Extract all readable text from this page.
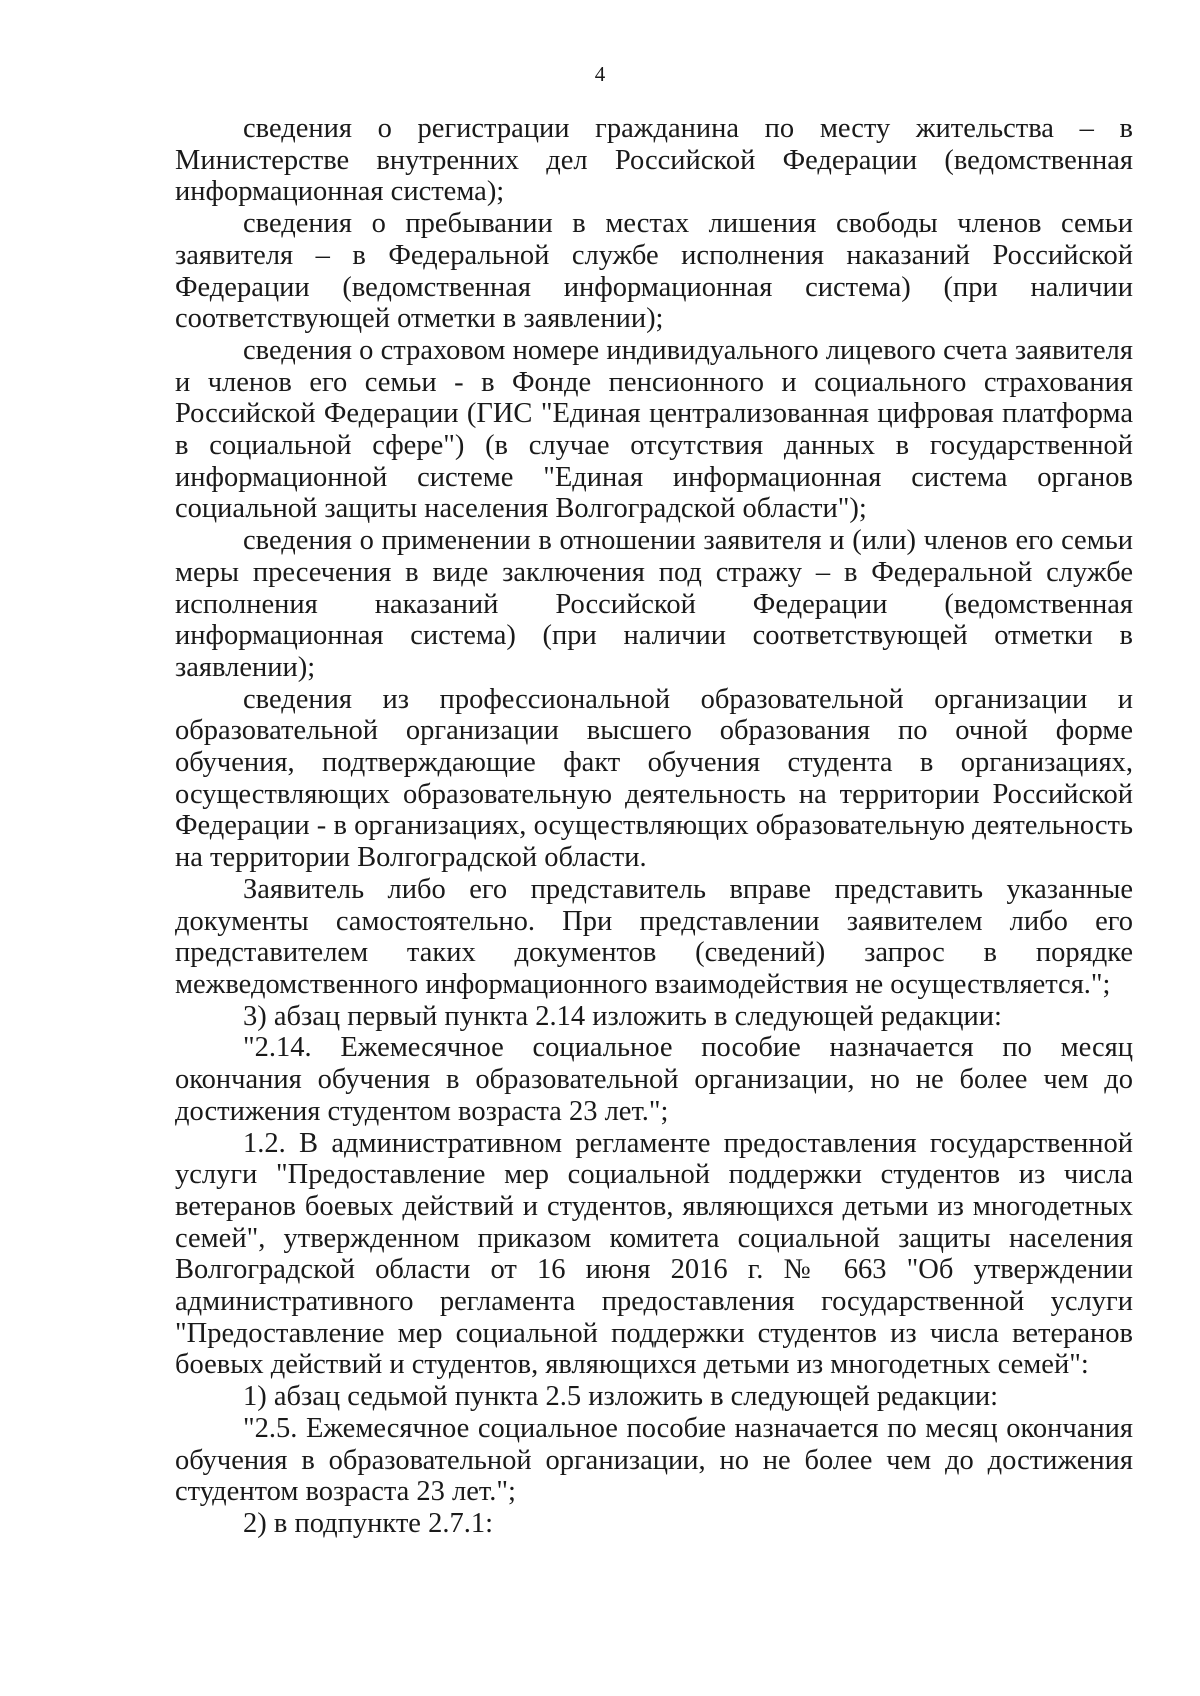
4

сведения о регистрации гражданина по месту жительства – в Министерстве внутренних дел Российской Федерации (ведомственная информационная система);

сведения о пребывании в местах лишения свободы членов семьи заявителя – в Федеральной службе исполнения наказаний Российской Федерации (ведомственная информационная система) (при наличии соответствующей отметки в заявлении);

сведения о страховом номере индивидуального лицевого счета заявителя и членов его семьи - в Фонде пенсионного и социального страхования Российской Федерации (ГИС "Единая централизованная цифровая платформа в социальной сфере") (в случае отсутствия данных в государственной информационной системе "Единая информационная система органов социальной защиты населения Волгоградской области");

сведения о применении в отношении заявителя и (или) членов его семьи меры пресечения в виде заключения под стражу – в Федеральной службе исполнения наказаний Российской Федерации (ведомственная информационная система) (при наличии соответствующей отметки в заявлении);

сведения из профессиональной образовательной организации и образовательной организации высшего образования по очной форме обучения, подтверждающие факт обучения студента в организациях, осуществляющих образовательную деятельность на территории Российской Федерации - в организациях, осуществляющих образовательную деятельность на территории Волгоградской области.

Заявитель либо его представитель вправе представить указанные документы самостоятельно. При представлении заявителем либо его представителем таких документов (сведений) запрос в порядке межведомственного информационного взаимодействия не осуществляется.";

3) абзац первый пункта 2.14 изложить в следующей редакции:

"2.14. Ежемесячное социальное пособие назначается по месяц окончания обучения в образовательной организации, но не более чем до достижения студентом возраста 23 лет.";

1.2. В административном регламенте предоставления государственной услуги "Предоставление мер социальной поддержки студентов из числа ветеранов боевых действий и студентов, являющихся детьми из многодетных семей", утвержденном приказом комитета социальной защиты населения Волгоградской области от 16 июня 2016 г. № 663 "Об утверждении административного регламента предоставления государственной услуги "Предоставление мер социальной поддержки студентов из числа ветеранов боевых действий и студентов, являющихся детьми из многодетных семей":

1) абзац седьмой пункта 2.5 изложить в следующей редакции:

"2.5. Ежемесячное социальное пособие назначается по месяц окончания обучения в образовательной организации, но не более чем до достижения студентом возраста 23 лет.";

2) в подпункте 2.7.1:
